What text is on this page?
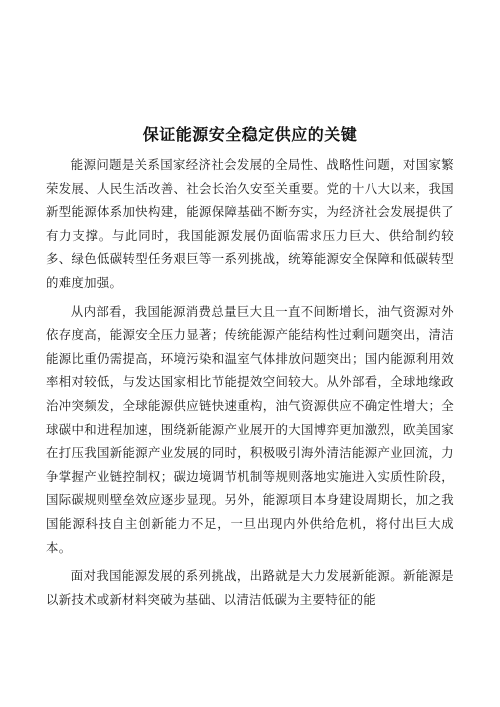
保证能源安全稳定供应的关键

能源问题是关系国家经济社会发展的全局性、战略性问题，对国家繁荣发展、人民生活改善、社会长治久安至关重要。党的十八大以来，我国新型能源体系加快构建，能源保障基础不断夯实，为经济社会发展提供了有力支撑。与此同时，我国能源发展仍面临需求压力巨大、供给制约较多、绿色低碳转型任务艰巨等一系列挑战，统筹能源安全保障和低碳转型的难度加强。

从内部看，我国能源消费总量巨大且一直不间断增长，油气资源对外依存度高，能源安全压力显著；传统能源产能结构性过剩问题突出，清洁能源比重仍需提高，环境污染和温室气体排放问题突出；国内能源利用效率相对较低，与发达国家相比节能提效空间较大。从外部看，全球地缘政治冲突频发，全球能源供应链快速重构，油气资源供应不确定性增大；全球碳中和进程加速，围绕新能源产业展开的大国博弈更加激烈，欧美国家在打压我国新能源产业发展的同时，积极吸引海外清洁能源产业回流，力争掌握产业链控制权；碳边境调节机制等规则落地实施进入实质性阶段，国际碳规则壁垒效应逐步显现。另外，能源项目本身建设周期长，加之我国能源科技自主创新能力不足，一旦出现内外供给危机，将付出巨大成本。

面对我国能源发展的系列挑战，出路就是大力发展新能源。新能源是以新技术或新材料突破为基础、以清洁低碳为主要特征的能
